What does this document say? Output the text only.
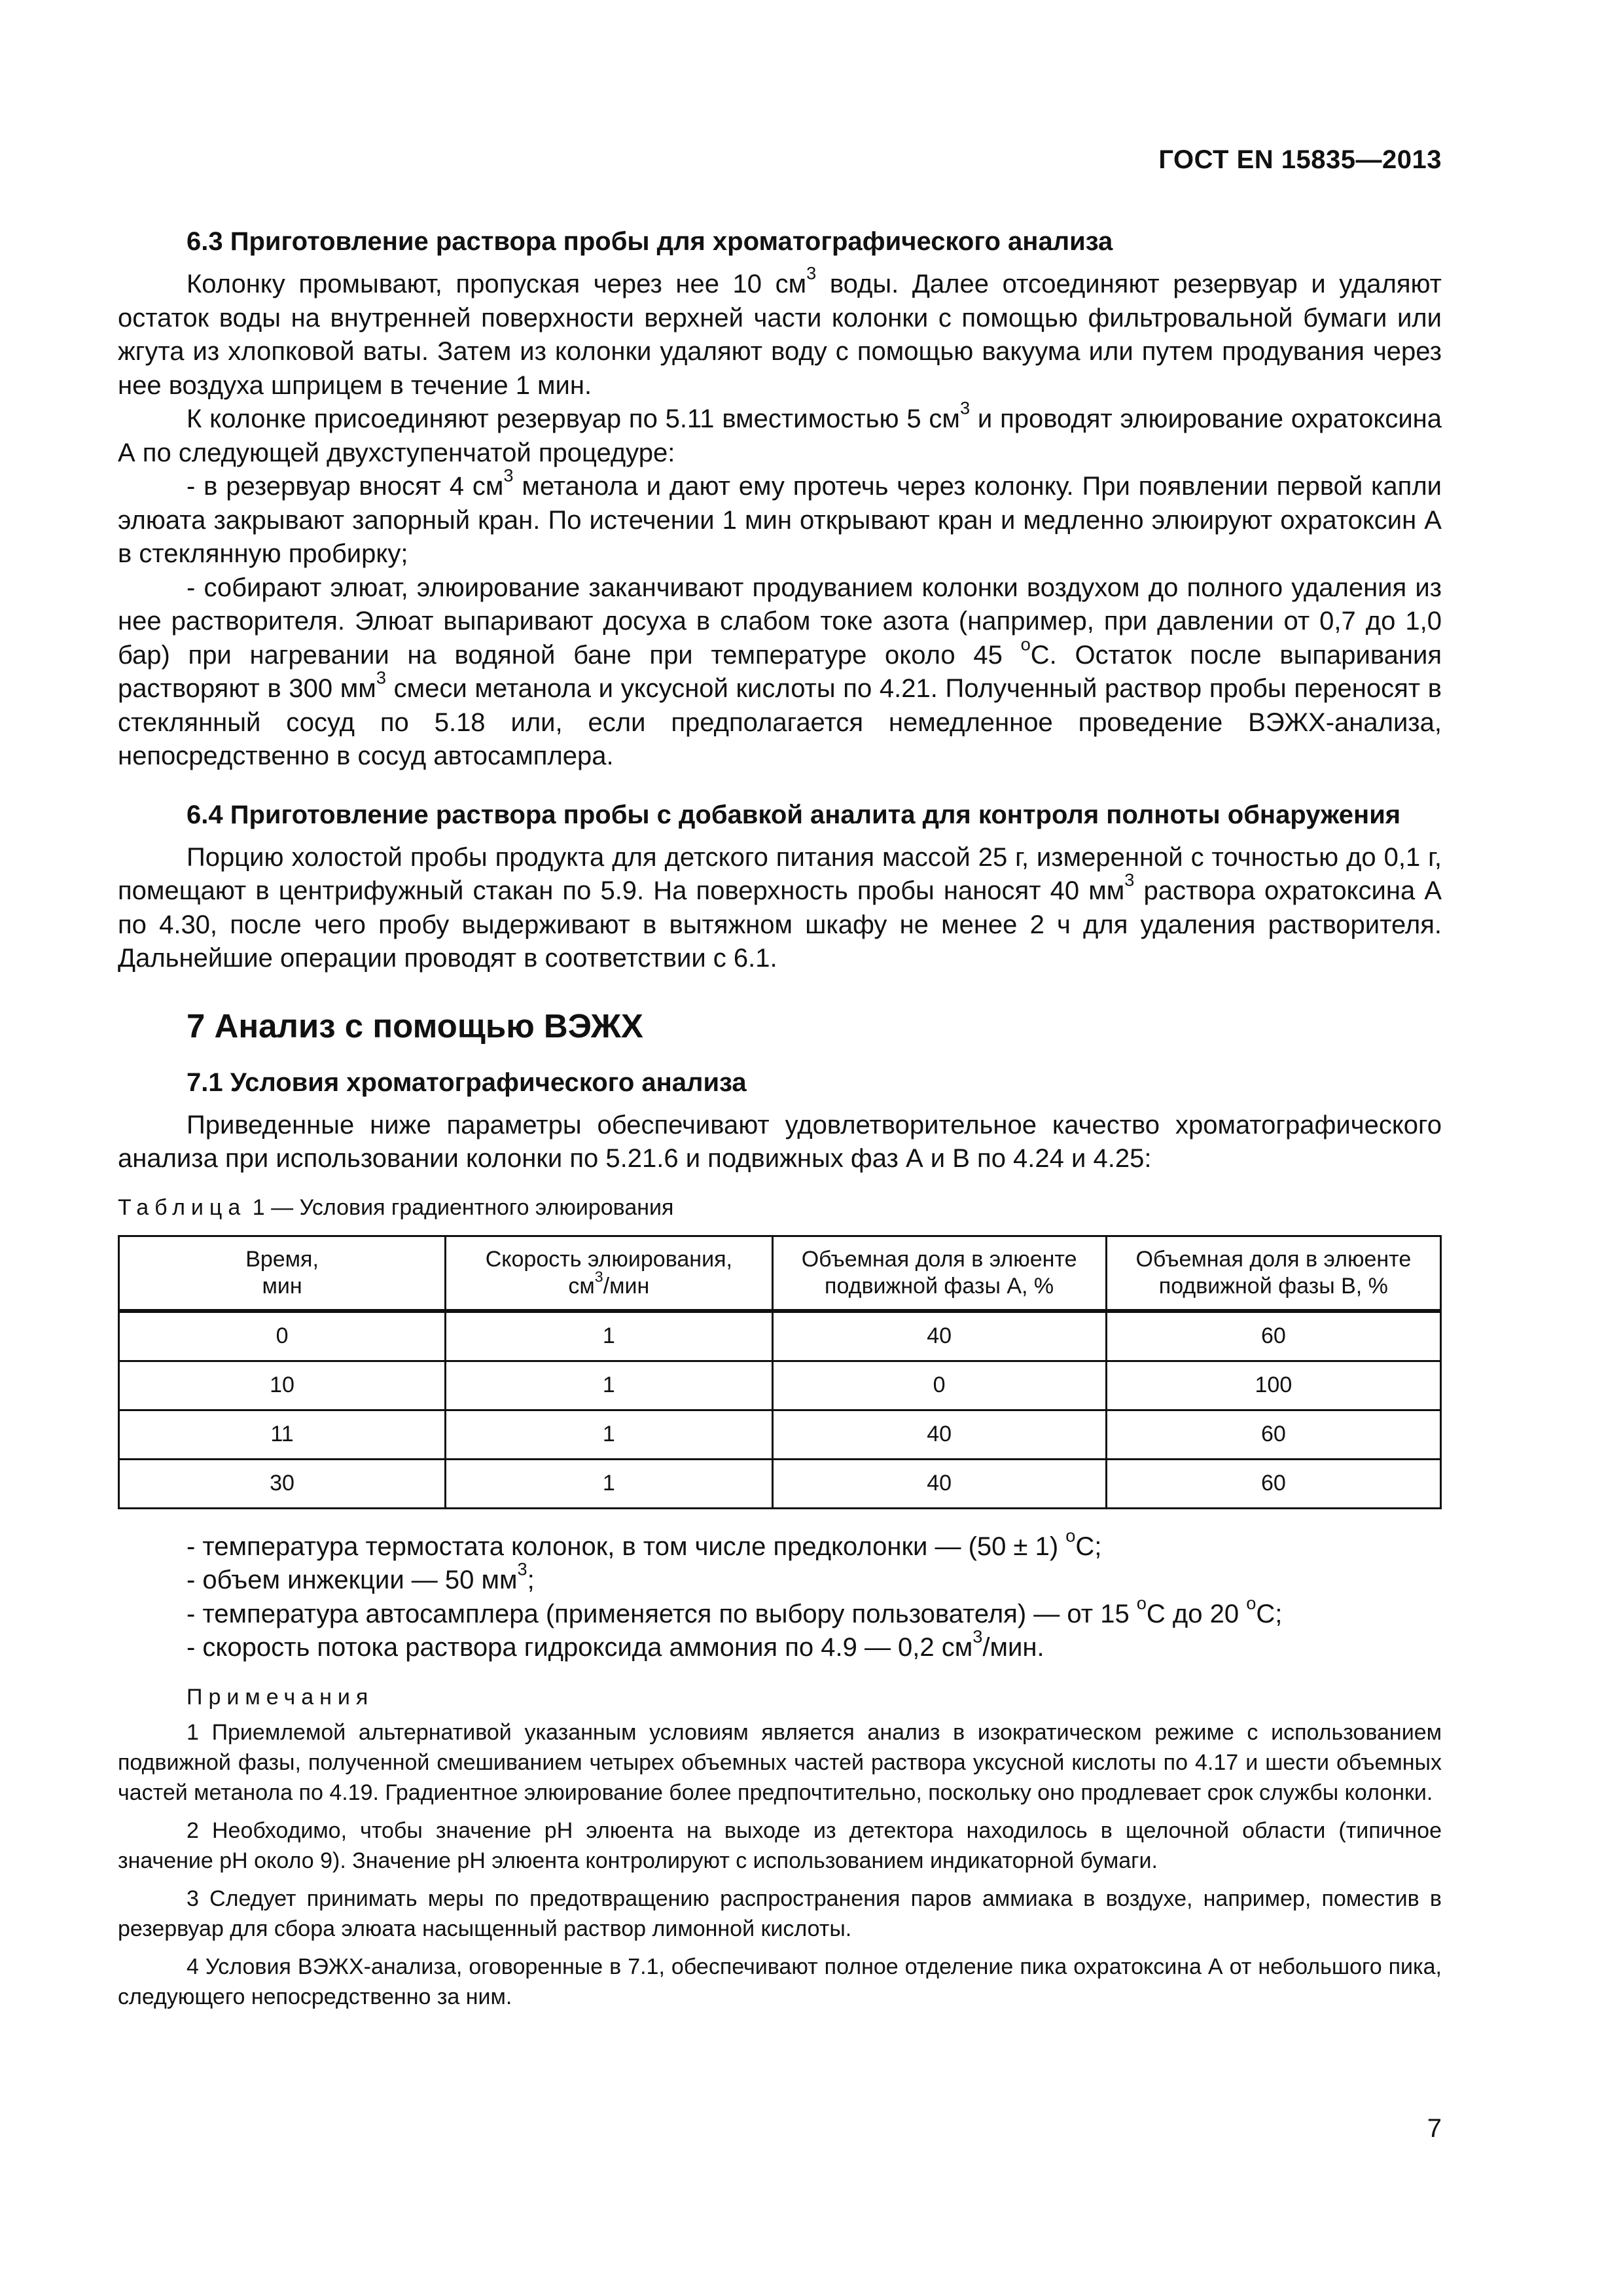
ГОСТ EN 15835—2013
6.3 Приготовление раствора пробы для хроматографического анализа

Колонку промывают, пропуская через нее 10 $см^3$ воды. Далее отсоединяют резервуар и удаляют остаток воды на внутренней поверхности верхней части колонки с помощью фильтровальной бумаги или жгута из хлопковой ваты. Затем из колонки удаляют воду с помощью вакуума или путем продувания через нее воздуха шприцем в течение 1 мин.

К колонке присоединяют резервуар по 5.11 вместимостью 5 $см^3$ и проводят элюирование охратоксина А по следующей двухступенчатой процедуре:

- в резервуар вносят 4 $см^3$ метанола и дают ему протечь через колонку. При появлении первой капли элюата закрывают запорный кран. По истечении 1 мин открывают кран и медленно элюируют охратоксин А в стеклянную пробирку;

- собирают элюат, элюирование заканчивают продуванием колонки воздухом до полного удаления из нее растворителя. Элюат выпаривают досуха в слабом токе азота (например, при давлении от 0,7 до 1,0 бар) при нагревании на водяной бане при температуре около 45 $^о$С. Остаток после выпаривания растворяют в 300 $мм^3$ смеси метанола и уксусной кислоты по 4.21. Полученный раствор пробы переносят в стеклянный сосуд по 5.18 или, если предполагается немедленное проведение ВЭЖХ-анализа, непосредственно в сосуд автосамплера.

6.4 Приготовление раствора пробы с добавкой аналита для контроля полноты обнаружения

Порцию холостой пробы продукта для детского питания массой 25 г, измеренной с точностью до 0,1 г, помещают в центрифужный стакан по 5.9. На поверхность пробы наносят 40 $мм^3$ раствора охратоксина А по 4.30, после чего пробу выдерживают в вытяжном шкафу не менее 2 ч для удаления растворителя. Дальнейшие операции проводят в соответствии с 6.1.

7 Анализ с помощью ВЭЖХ
7.1 Условия хроматографического анализа

Приведенные ниже параметры обеспечивают удовлетворительное качество хроматографического анализа при использовании колонки по 5.21.6 и подвижных фаз А и В по 4.24 и 4.25:

Таблица 1 — Условия градиентного элюирования
Время,
мин	Скорость элюирования,
$см^3$/мин	Объемная доля в элюенте
подвижной фазы А, %	Объемная доля в элюенте
подвижной фазы В, %
0	1	40	60
10	1	0	100
11	1	40	60
30	1	40	60

- температура термостата колонок, в том числе предколонки — (50 ± 1) $^о$С;

- объем инжекции — 50 $мм^3$;

- температура автосамплера (применяется по выбору пользователя) — от 15 $^о$С до 20 $^о$С;

- скорость потока раствора гидроксида аммония по 4.9 — 0,2 $см^3$/мин.

Примечания

1 Приемлемой альтернативой указанным условиям является анализ в изократическом режиме с использованием подвижной фазы, полученной смешиванием четырех объемных частей раствора уксусной кислоты по 4.17 и шести объемных частей метанола по 4.19. Градиентное элюирование более предпочтительно, поскольку оно продлевает срок службы колонки.

2 Необходимо, чтобы значение рН элюента на выходе из детектора находилось в щелочной области (типичное значение рН около 9). Значение рН элюента контролируют с использованием индикаторной бумаги.

3 Следует принимать меры по предотвращению распространения паров аммиака в воздухе, например, поместив в резервуар для сбора элюата насыщенный раствор лимонной кислоты.

4 Условия ВЭЖХ-анализа, оговоренные в 7.1, обеспечивают полное отделение пика охратоксина А от небольшого пика, следующего непосредственно за ним.

7
